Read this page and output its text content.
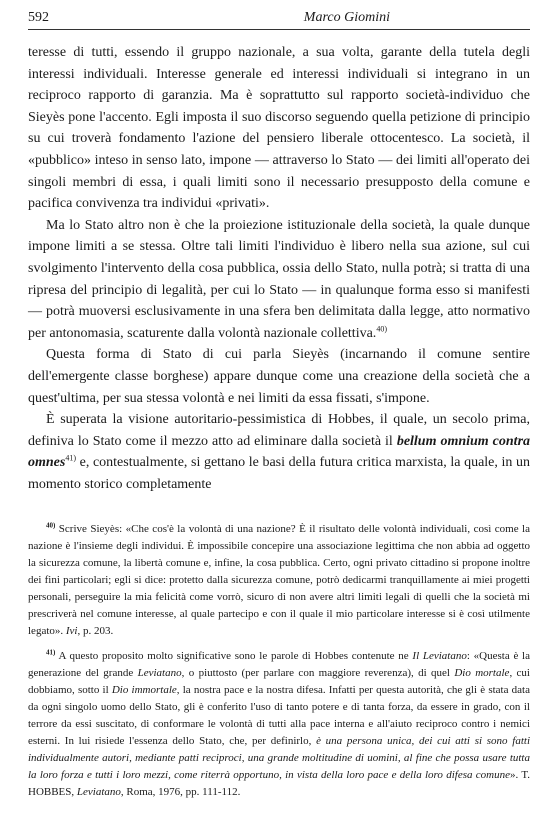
592	Marco Giomini

teresse di tutti, essendo il gruppo nazionale, a sua volta, garante della tutela degli interessi individuali. Interesse generale ed interessi individuali si integrano in un reciproco rapporto di garanzia. Ma è soprattutto sul rapporto società-individuo che Sieyès pone l'accento. Egli imposta il suo discorso seguendo quella petizione di principio su cui troverà fondamento l'azione del pensiero liberale ottocentesco. La società, il «pubblico» inteso in senso lato, impone — attraverso lo Stato — dei limiti all'operato dei singoli membri di essa, i quali limiti sono il necessario presupposto della comune e pacifica convivenza tra individui «privati».

Ma lo Stato altro non è che la proiezione istituzionale della società, la quale dunque impone limiti a se stessa. Oltre tali limiti l'individuo è libero nella sua azione, sul cui svolgimento l'intervento della cosa pubblica, ossia dello Stato, nulla potrà; si tratta di una ripresa del principio di legalità, per cui lo Stato — in qualunque forma esso si manifesti — potrà muoversi esclusivamente in una sfera ben delimitata dalla legge, atto normativo per antonomasia, scaturente dalla volontà nazionale collettiva.$^{40)}$

Questa forma di Stato di cui parla Sieyès (incarnando il comune sentire dell'emergente classe borghese) appare dunque come una creazione della società che a quest'ultima, per sua stessa volontà e nei limiti da essa fissati, s'impone.

È superata la visione autoritario-pessimistica di Hobbes, il quale, un secolo prima, definiva lo Stato come il mezzo atto ad eliminare dalla società il bellum omnium contra omnes$^{41)}$ e, contestualmente, si gettano le basi della futura critica marxista, la quale, in un momento storico completamente

$^{40)}$ Scrive Sieyès: «Che cos'è la volontà di una nazione? È il risultato delle volontà individuali, così come la nazione è l'insieme degli individui. È impossibile concepire una associazione legittima che non abbia ad oggetto la sicurezza comune, la libertà comune e, infine, la cosa pubblica. Certo, ogni privato cittadino si propone inoltre dei fini particolari; egli si dice: protetto dalla sicurezza comune, potrò dedicarmi tranquillamente ai miei progetti personali, perseguire la mia felicità come vorrò, sicuro di non avere altri limiti legali di quelli che la società mi prescriverà nel comune interesse, al quale partecipo e con il quale il mio particolare interesse si è così utilmente legato». Ivi, p. 203.

$^{41)}$ A questo proposito molto significative sono le parole di Hobbes contenute ne Il Leviatano: «Questa è la generazione del grande Leviatano, o piuttosto (per parlare con maggiore reverenza), di quel Dio mortale, cui dobbiamo, sotto il Dio immortale, la nostra pace e la nostra difesa. Infatti per questa autorità, che gli è stata data da ogni singolo uomo dello Stato, gli è conferito l'uso di tanto potere e di tanta forza, da essere in grado, con il terrore da essi suscitato, di conformare le volontà di tutti alla pace interna e all'aiuto reciproco contro i nemici esterni. In lui risiede l'essenza dello Stato, che, per definirlo, è una persona unica, dei cui atti si sono fatti individualmente autori, mediante patti reciproci, una grande moltitudine di uomini, al fine che possa usare tutta la loro forza e tutti i loro mezzi, come riterrà opportuno, in vista della loro pace e della loro difesa comune». T. HOBBES, Leviatano, Roma, 1976, pp. 111-112.
